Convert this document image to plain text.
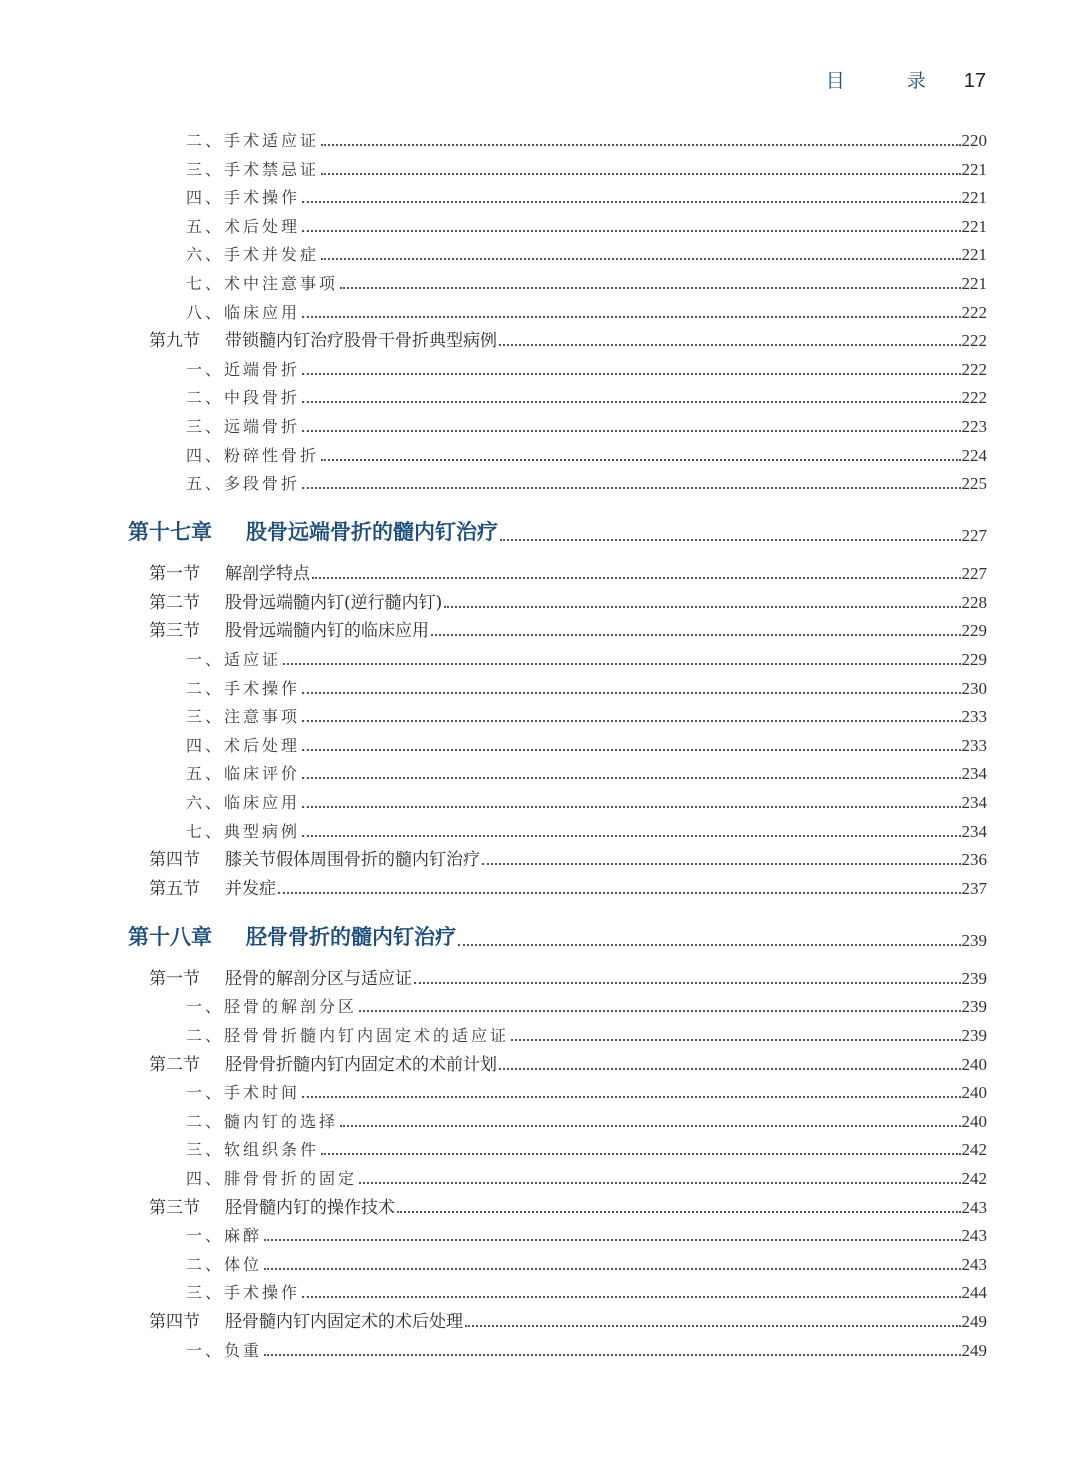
目 录 17
二、手术适应证	220
三、手术禁忌证	221
四、手术操作	221
五、术后处理	221
六、手术并发症	221
七、术中注意事项	221
八、临床应用	222
第九节 带锁髓内钉治疗股骨干骨折典型病例	222
一、近端骨折	222
二、中段骨折	222
三、远端骨折	223
四、粉碎性骨折	224
五、多段骨折	225
第十七章 股骨远端骨折的髓内钉治疗	227
第一节 解剖学特点	227
第二节 股骨远端髓内钉(逆行髓内钉)	228
第三节 股骨远端髓内钉的临床应用	229
一、适应证	229
二、手术操作	230
三、注意事项	233
四、术后处理	233
五、临床评价	234
六、临床应用	234
七、典型病例	234
第四节 膝关节假体周围骨折的髓内钉治疗	236
第五节 并发症	237
第十八章 胫骨骨折的髓内钉治疗	239
第一节 胫骨的解剖分区与适应证	239
一、胫骨的解剖分区	239
二、胫骨骨折髓内钉内固定术的适应证	239
第二节 胫骨骨折髓内钉内固定术的术前计划	240
一、手术时间	240
二、髓内钉的选择	240
三、软组织条件	242
四、腓骨骨折的固定	242
第三节 胫骨髓内钉的操作技术	243
一、麻醉	243
二、体位	243
三、手术操作	244
第四节 胫骨髓内钉内固定术的术后处理	249
一、负重	249
